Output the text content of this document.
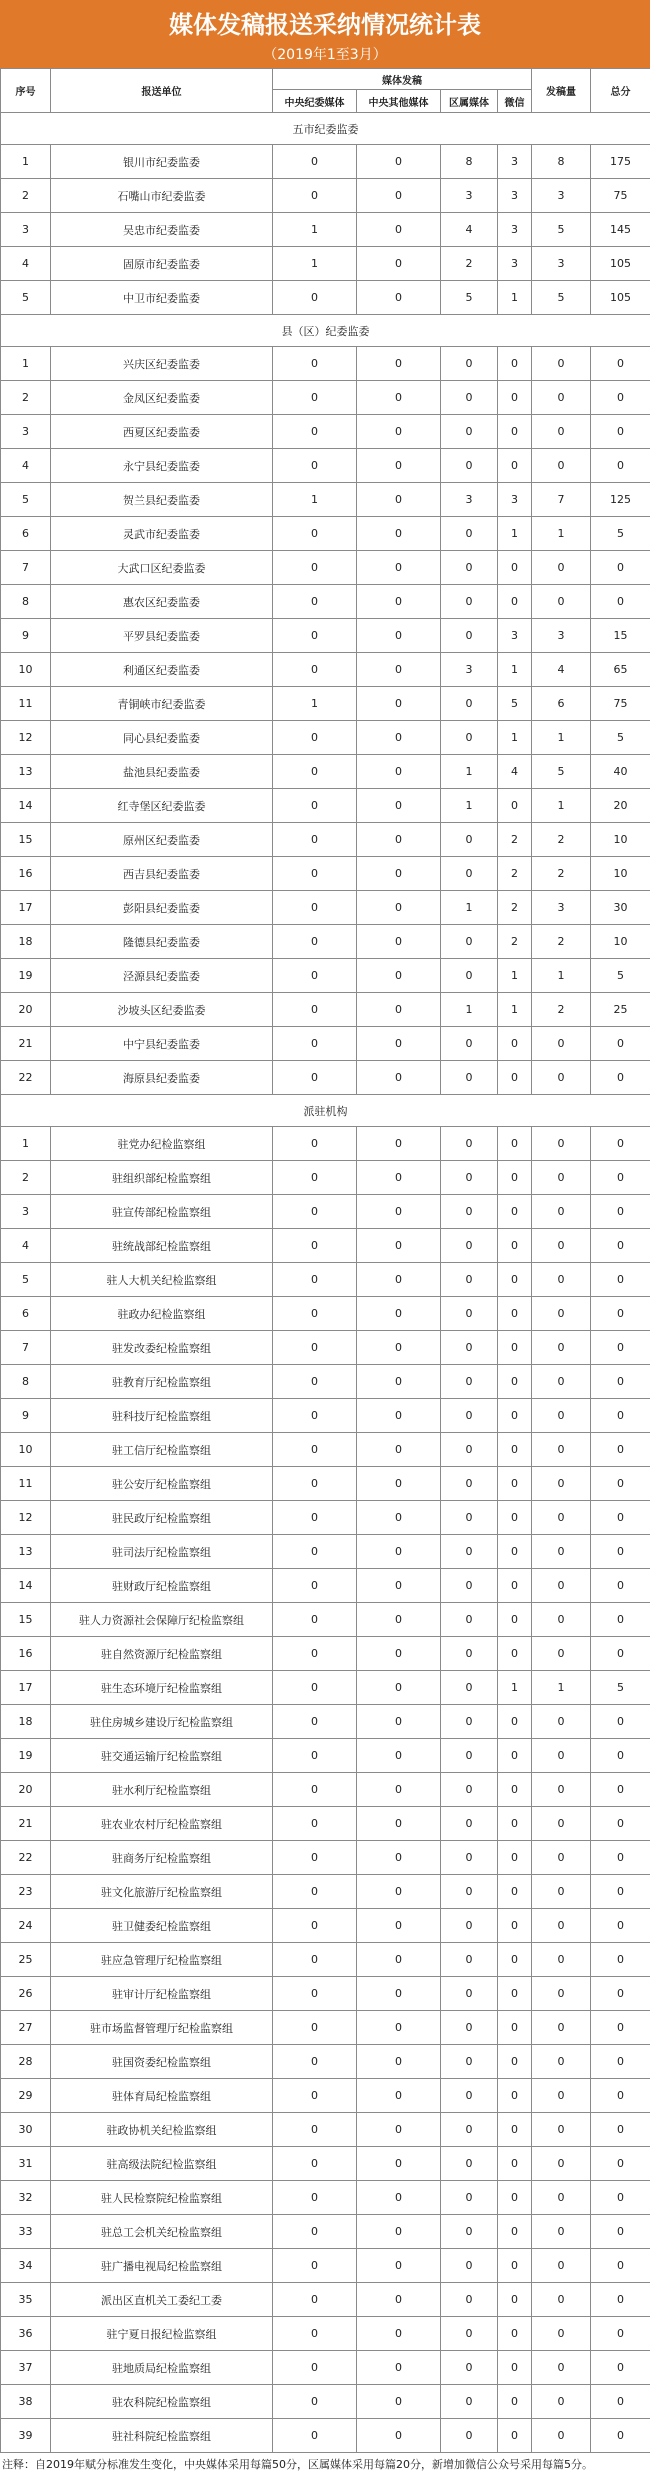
媒体发稿报送采纳情况统计表
（2019年1至3月）
序号	报送单位	媒体发稿				发稿量	总分
		中央纪委媒体	中央其他媒体	区属媒体	微信		
五市纪委监委							
1	银川市纪委监委	0	0	8	3	8	175
2	石嘴山市纪委监委	0	0	3	3	3	75
3	吴忠市纪委监委	1	0	4	3	5	145
4	固原市纪委监委	1	0	2	3	3	105
5	中卫市纪委监委	0	0	5	1	5	105
县（区）纪委监委							
1	兴庆区纪委监委	0	0	0	0	0	0
2	金凤区纪委监委	0	0	0	0	0	0
3	西夏区纪委监委	0	0	0	0	0	0
4	永宁县纪委监委	0	0	0	0	0	0
5	贺兰县纪委监委	1	0	3	3	7	125
6	灵武市纪委监委	0	0	0	1	1	5
7	大武口区纪委监委	0	0	0	0	0	0
8	惠农区纪委监委	0	0	0	0	0	0
9	平罗县纪委监委	0	0	0	3	3	15
10	利通区纪委监委	0	0	3	1	4	65
11	青铜峡市纪委监委	1	0	0	5	6	75
12	同心县纪委监委	0	0	0	1	1	5
13	盐池县纪委监委	0	0	1	4	5	40
14	红寺堡区纪委监委	0	0	1	0	1	20
15	原州区纪委监委	0	0	0	2	2	10
16	西吉县纪委监委	0	0	0	2	2	10
17	彭阳县纪委监委	0	0	1	2	3	30
18	隆德县纪委监委	0	0	0	2	2	10
19	泾源县纪委监委	0	0	0	1	1	5
20	沙坡头区纪委监委	0	0	1	1	2	25
21	中宁县纪委监委	0	0	0	0	0	0
22	海原县纪委监委	0	0	0	0	0	0
派驻机构							
1	驻党办纪检监察组	0	0	0	0	0	0
2	驻组织部纪检监察组	0	0	0	0	0	0
3	驻宣传部纪检监察组	0	0	0	0	0	0
4	驻统战部纪检监察组	0	0	0	0	0	0
5	驻人大机关纪检监察组	0	0	0	0	0	0
6	驻政办纪检监察组	0	0	0	0	0	0
7	驻发改委纪检监察组	0	0	0	0	0	0
8	驻教育厅纪检监察组	0	0	0	0	0	0
9	驻科技厅纪检监察组	0	0	0	0	0	0
10	驻工信厅纪检监察组	0	0	0	0	0	0
11	驻公安厅纪检监察组	0	0	0	0	0	0
12	驻民政厅纪检监察组	0	0	0	0	0	0
13	驻司法厅纪检监察组	0	0	0	0	0	0
14	驻财政厅纪检监察组	0	0	0	0	0	0
15	驻人力资源社会保障厅纪检监察组	0	0	0	0	0	0
16	驻自然资源厅纪检监察组	0	0	0	0	0	0
17	驻生态环境厅纪检监察组	0	0	0	1	1	5
18	驻住房城乡建设厅纪检监察组	0	0	0	0	0	0
19	驻交通运输厅纪检监察组	0	0	0	0	0	0
20	驻水利厅纪检监察组	0	0	0	0	0	0
21	驻农业农村厅纪检监察组	0	0	0	0	0	0
22	驻商务厅纪检监察组	0	0	0	0	0	0
23	驻文化旅游厅纪检监察组	0	0	0	0	0	0
24	驻卫健委纪检监察组	0	0	0	0	0	0
25	驻应急管理厅纪检监察组	0	0	0	0	0	0
26	驻审计厅纪检监察组	0	0	0	0	0	0
27	驻市场监督管理厅纪检监察组	0	0	0	0	0	0
28	驻国资委纪检监察组	0	0	0	0	0	0
29	驻体育局纪检监察组	0	0	0	0	0	0
30	驻政协机关纪检监察组	0	0	0	0	0	0
31	驻高级法院纪检监察组	0	0	0	0	0	0
32	驻人民检察院纪检监察组	0	0	0	0	0	0
33	驻总工会机关纪检监察组	0	0	0	0	0	0
34	驻广播电视局纪检监察组	0	0	0	0	0	0
35	派出区直机关工委纪工委	0	0	0	0	0	0
36	驻宁夏日报纪检监察组	0	0	0	0	0	0
37	驻地质局纪检监察组	0	0	0	0	0	0
38	驻农科院纪检监察组	0	0	0	0	0	0
39	驻社科院纪检监察组	0	0	0	0	0	0
注释：自2019年赋分标准发生变化，中央媒体采用每篇50分，区属媒体采用每篇20分，新增加微信公众号采用每篇5分。
